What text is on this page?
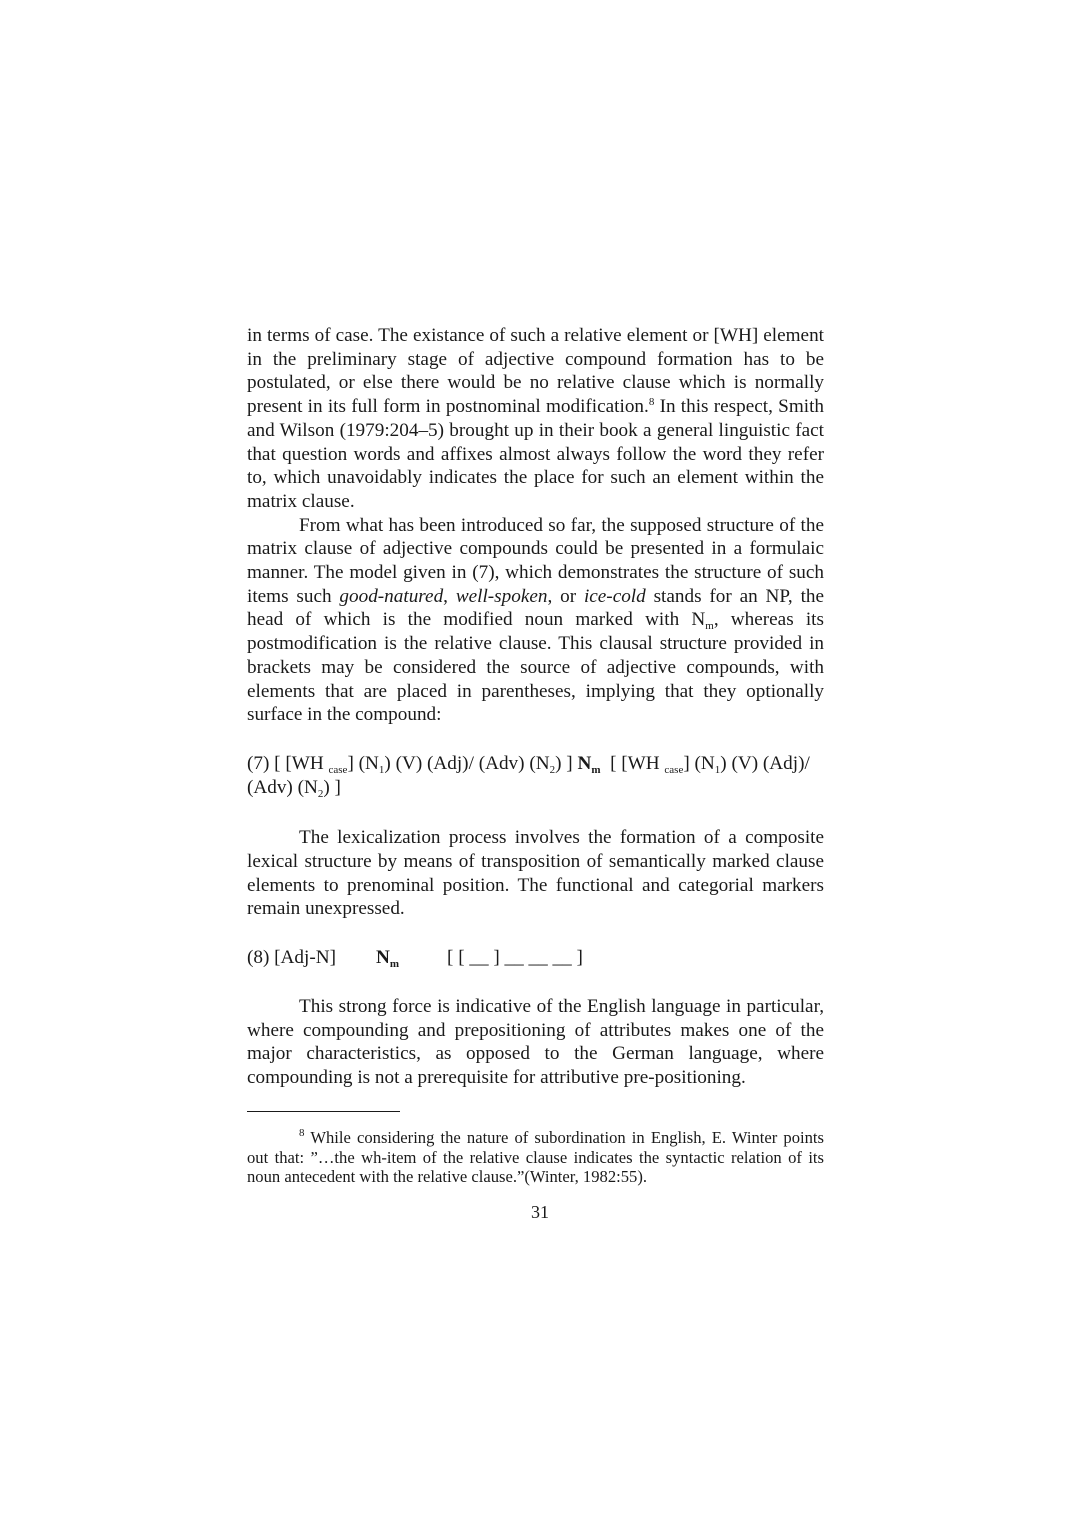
in terms of case. The existance of such a relative element or [WH] element in the preliminary stage of adjective compound formation has to be postulated, or else there would be no relative clause which is normally present in its full form in postnominal modification.$^8$ In this respect, Smith and Wilson (1979:204–5) brought up in their book a general linguistic fact that question words and affixes almost always follow the word they refer to, which unavoidably indicates the place for such an element within the matrix clause.

From what has been introduced so far, the supposed structure of the matrix clause of adjective compounds could be presented in a formulaic manner. The model given in (7), which demonstrates the structure of such items such good-natured, well-spoken, or ice-cold stands for an NP, the head of which is the modified noun marked with $N_m$, whereas its postmodification is the relative clause. This clausal structure provided in brackets may be considered the source of adjective compounds, with elements that are placed in parentheses, implying that they optionally surface in the compound:

(7) [ [WH $_{case}$] $(N_1)$ (V) (Adj)/ (Adv) $(N_2)$ ] $N_m$  [ [WH $_{case}$] $(N_1)$ (V) (Adj)/ (Adv) $(N_2)$ ]

The lexicalization process involves the formation of a composite lexical structure by means of transposition of semantically marked clause elements to prenominal position. The functional and categorial markers remain unexpressed.

(8) [Adj-N] $N_m$	[ [ __ ] __ __ __ ]

This strong force is indicative of the English language in particular, where compounding and prepositioning of attributes makes one of the major characteristics, as opposed to the German language, where compounding is not a prerequisite for attributive pre-positioning.

$^8$ While considering the nature of subordination in English, E. Winter points out that: ”…the wh-item of the relative clause indicates the syntactic relation of its noun antecedent with the relative clause.”(Winter, 1982:55).
31
